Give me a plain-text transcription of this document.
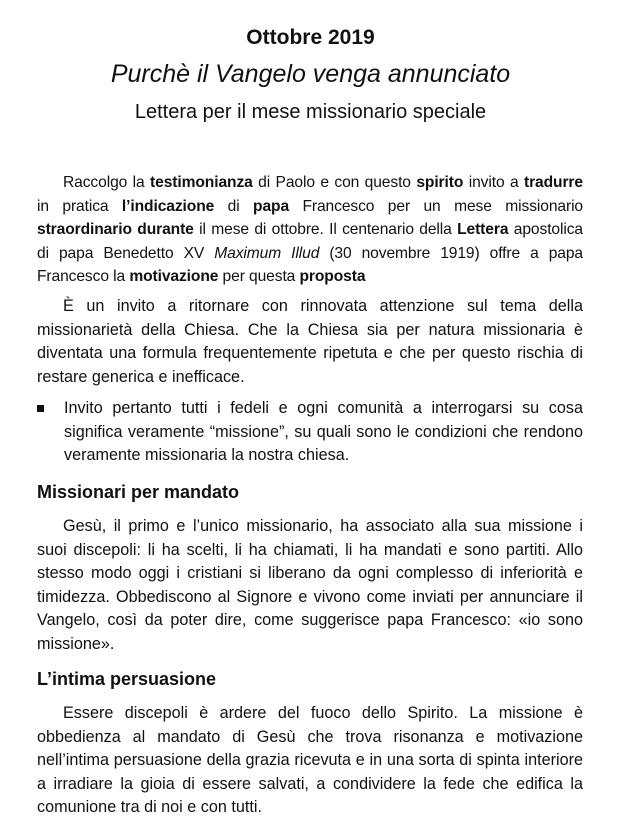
Ottobre 2019
Purchè il Vangelo venga annunciato
Lettera per il mese missionario speciale

Raccolgo la testimonianza di Paolo e con questo spirito invito a tradurre in pratica l’indicazione di papa Francesco per un mese missionario straordinario durante il mese di ottobre. Il centenario della Lettera apostolica di papa Benedetto XV Maximum Illud (30 novembre 1919) offre a papa Francesco la motivazione per questa proposta

È un invito a ritornare con rinnovata attenzione sul tema della missionarietà della Chiesa. Che la Chiesa sia per natura missionaria è diventata una formula frequentemente ripetuta e che per questo rischia di restare generica e inefficace.

Invito pertanto tutti i fedeli e ogni comunità a interrogarsi su cosa significa veramente “missione”, su quali sono le condizioni che rendono veramente missionaria la nostra chiesa.
Missionari per mandato

Gesù, il primo e l’unico missionario, ha associato alla sua missione i suoi discepoli: li ha scelti, li ha chiamati, li ha mandati e sono partiti. Allo stesso modo oggi i cristiani si liberano da ogni complesso di inferiorità e timidezza. Obbediscono al Signore e vivono come inviati per annunciare il Vangelo, così da poter dire, come suggerisce papa Francesco: «io sono missione».

L’intima persuasione

Essere discepoli è ardere del fuoco dello Spirito. La missione è obbedienza al mandato di Gesù che trova risonanza e motivazione nell’intima persuasione della grazia ricevuta e in una sorta di spinta interiore a irradiare la gioia di essere salvati, a condividere la fede che edifica la comunione tra di noi e con tutti.
